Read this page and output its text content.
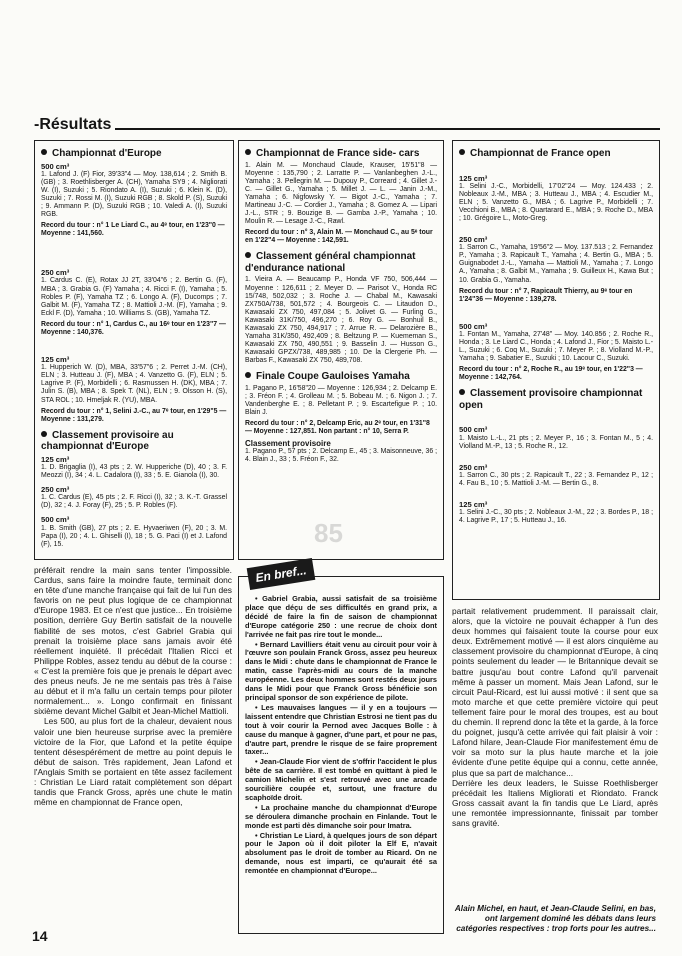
-Résultats
Championnat d'Europe
500 cm³
1. Lafond J. (F) Fior, 39'33"4 — Moy. 138,614 ; 2. Smith B. (GB) ; 3. Roethlisberger A. (CH), Yamaha SY9 ; 4. Nigliorati W. (I), Suzuki ; 5. Riondato A. (I), Suzuki ; 6. Klein K. (D), Suzuki ; 7. Rossi M. (I), Suzuki RGB ; 8. Skold P. (S), Suzuki ; 9. Ammann P. (D), Suzuki RGB ; 10. Valedi A. (I), Suzuki RGB.
Record du tour : n° 1 Le Liard C., au 4ᵉ tour, en 1'23"0 — Moyenne : 141,560.
250 cm³
1. Cardus C. (E), Rotax JJ 2T, 33'04"6 ; 2. Bertin G. (F), MBA ; 3. Grabia G. (F) Yamaha ; 4. Ricci F. (I), Yamaha ; 5. Robles P. (F), Yamaha TZ ; 6. Longo A. (F), Ducomps ; 7. Galbit M. (F), Yamaha TZ ; 8. Mattioli J.-M. (F), Yamaha ; 9. Eckl F. (D), Yamaha ; 10. Williams S. (GB), Yamaha TZ.
Record du tour : n° 1, Cardus C., au 16ᵉ tour en 1'23"7 — Moyenne : 140,376.
125 cm³
1. Hupperich W. (D), MBA, 33'57"6 ; 2. Perret J.-M. (CH), ELN ; 3. Hutteau J. (F), MBA ; 4. Vanzetto G. (F), ELN ; 5. Lagrive P. (F), Morbidelli ; 6. Rasmussen H. (DK), MBA ; 7. Julin S. (B), MBA ; 8. Spek T. (NL), ELN ; 9. Olsson H. (S), STA ROL ; 10. Hmeljak R. (YU), MBA.
Record du tour : n° 1, Selini J.-C., au 7ᵉ tour, en 1'29"5 — Moyenne : 131,279.
Classement provisoire au championnat d'Europe
125 cm³
1. D. Brigaglia (I), 43 pts ; 2. W. Hupperiche (D), 40 ; 3. F. Meozzi (I), 34 ; 4. L. Cadalora (I), 33 ; 5. E. Gianola (I), 30.
250 cm³
1. C. Cardus (E), 45 pts ; 2. F. Ricci (I), 32 ; 3. K.-T. Grassel (D), 32 ; 4. J. Foray (F), 25 ; 5. P. Robles (F).
500 cm³
1. B. Smith (GB), 27 pts ; 2. E. Hyvaeriwen (F), 20 ; 3. M. Papa (I), 20 ; 4. L. Ghiselli (I), 18 ; 5. G. Paci (I) et J. Lafond (F), 15.
Championnat de France side- cars
1. Alain M. — Monchaud Claude, Krauser, 15'51"8 — Moyenne : 135,790 ; 2. Larratte P. — Vanlanbeghen J.-L., Yamaha ; 3. Pellegrin M. — Dupouy P., Correard ; 4. Gillet J.-C. — Gillet G., Yamaha ; 5. Millet J. — L. — Janin J.-M., Yamaha ; 6. Nigfowsky Y. — Bigot J.-C., Yamaha ; 7. Martineau J.-C. — Cordier J., Yamaha ; 8. Gomez A. — Lipari J.-L., STR ; 9. Bouzige B. — Gamba J.-P., Yamaha ; 10. Moulin R. — Lesage J.-C., Rawl.
Record du tour : n° 3, Alain M. — Monchaud C., au 5ᵉ tour en 1'22"4 — Moyenne : 142,591.
Classement général championnat d'endurance national
1. Vieira A. — Beaucamp P., Honda VF 750, 506,444 — Moyenne : 126,611 ; 2. Meyer D. — Parisot V., Honda RC 15/748, 502,032 ; 3. Roche J. — Chabal M., Kawasaki ZX750A/738, 501,572 ; 4. Bourgeois C. — Litaudon D., Kawasaki ZX 750, 497,084 ; 5. Jolivet G. — Furling G., Kawasaki 31K/750, 496,270 ; 6. Roy G. — Bonhuil B., Kawasaki ZX 750, 494,917 ; 7. Arrue R. — Delarozière B., Yamaha 31K/350, 492,409 ; 8. Beltzung P. — Kuememan S., Kawasaki ZX 750, 490,551 ; 9. Basselin J. — Husson G., Kawasaki GPZX/738, 489,985 ; 10. De la Clergerie Ph. — Barbas F., Kawasaki ZX 750, 489,708.
Finale Coupe Gauloises Yamaha
1. Pagano P., 16'58"20 — Moyenne : 126,934 ; 2. Delcamp E. ; 3. Fréon F. ; 4. Grolleau M. ; 5. Bobeau M. ; 6. Nigon J. ; 7. Vandenberghe E. ; 8. Pelletant P. ; 9. Escartefigue P. ; 10. Blain J.
Record du tour : n° 2, Delcamp Eric, au 2ᵉ tour, en 1'31"8 — Moyenne : 127,851. Non partant : n° 10, Serra P.
Classement provisoire
1. Pagano P., 57 pts ; 2. Delcamp E., 45 ; 3. Maisonneuve, 36 ; 4. Blain J., 33 ; 5. Fréon F., 32.
85
Championnat de France open
125 cm³
1. Selini J.-C., Morbidelli, 17'02"24 — Moy. 124.433 ; 2. Nobleaux J.-M., MBA ; 3. Hutteau J., MBA ; 4. Escudier M., ELN ; 5. Vanzetto G., MBA ; 6. Lagrive P., Morbidelli ; 7. Vecchioni B., MBA ; 8. Quartarard E., MBA ; 9. Roche D., MBA ; 10. Grégoire L., Moto-Greg.
250 cm³
1. Sarron C., Yamaha, 19'56"2 — Moy. 137.513 ; 2. Fernandez P., Yamaha ; 3. Rapicault T., Yamaha ; 4. Bertin G., MBA ; 5. Guignabodet J.-L., Yamaha — Mattioli M., Yamaha ; 7. Longo A., Yamaha ; 8. Galbit M., Yamaha ; 9. Guilleux H., Kawa But ; 10. Grabia G., Yamaha.
Record du tour : n° 7, Rapicault Thierry, au 9ᵉ tour en 1'24"36 — Moyenne : 139,278.
500 cm³
1. Fontan M., Yamaha, 27'48" — Moy. 140.856 ; 2. Roche R., Honda ; 3. Le Liard C., Honda ; 4. Lafond J., Fior ; 5. Maisto L.-L., Suzuki ; 6. Coq M., Suzuki ; 7. Meyer P. ; 8. Violland M.-P., Yamaha ; 9. Sabatier E., Suzuki ; 10. Lacour C., Suzuki.
Record du tour : n° 2, Roche R., au 19ᵉ tour, en 1'22"3 — Moyenne : 142,764.
Classement provisoire championnat open
500 cm³
1. Maisto L.-L., 21 pts ; 2. Meyer P., 16 ; 3. Fontan M., 5 ; 4. Violland M.-P., 13 ; 5. Roche R., 12.
250 cm³
1. Sarron C., 30 pts ; 2. Rapicault T., 22 ; 3. Fernandez P., 12 ; 4. Fau B., 10 ; 5. Mattioli J.-M. — Bertin G., 8.
125 cm³
1. Selini J.-C., 30 pts ; 2. Nobleaux J.-M., 22 ; 3. Bordes P., 18 ; 4. Lagrive P., 17 ; 5. Hutteau J., 16.

préférait rendre la main sans tenter l'impossible. Cardus, sans faire la moindre faute, terminait donc en tête d'une manche française qui fait de lui l'un des favoris on ne peut plus logique de ce championnat d'Europe 1983. Et ce n'est que justice... En troisième position, derrière Guy Bertin satisfait de la nouvelle fiabilité de ses motos, c'est Gabriel Grabia qui prenait la troisième place sans jamais avoir été réellement inquiété. Il précédait l'Italien Ricci et Philippe Robles, assez tendu au début de la course : « C'est la première fois que je prenais le départ avec des pneus neufs. Je ne me sentais pas très à l'aise au début et il m'a fallu un certain temps pour piloter normalement... ». Longo confirmait en finissant sixième devant Michel Galbit et Jean-Michel Mattioli.

Les 500, au plus fort de la chaleur, devaient nous valoir une bien heureuse surprise avec la première victoire de la Fior, que Lafond et la petite équipe tentent désespérément de mettre au point depuis le début de saison. Très rapidement, Jean Lafond et l'Anglais Smith se portaient en tête assez facilement : Christian Le Liard ratait complètement son départ tandis que Franck Gross, après une chute le matin même en championnat de France open,

• Gabriel Grabia, aussi satisfait de sa troisième place que déçu de ses difficultés en grand prix, a décidé de faire la fin de saison de championnat d'Europe catégorie 250 : une recrue de choix dont l'arrivée ne fait pas rire tout le monde...

• Bernard Lavilliers était venu au circuit pour voir à l'œuvre son poulain Franck Gross, assez peu heureux dans le Midi : chute dans le championnat de France le matin, casse l'après-midi au cours de la manche européenne. Les deux hommes sont restés deux jours dans le Midi pour que Franck Gross bénéficie son principal sponsor de son expérience de pilote.

• Les mauvaises langues — il y en a toujours — laissent entendre que Christian Estrosi ne tient pas du tout à voir courir la Pernod avec Jacques Bolle : à cause du manque à gagner, d'une part, et pour ne pas, d'autre part, prendre le risque de se faire proprement taxer...

• Jean-Claude Fior vient de s'offrir l'accident le plus bête de sa carrière. Il est tombé en quittant à pied le camion Michelin et s'est retrouvé avec une arcade sourcilière coupée et, surtout, une fracture du scaphoïde droit.

• La prochaine manche du championnat d'Europe se déroulera dimanche prochain en Finlande. Tout le monde est parti dès dimanche soir pour Imatra.

• Christian Le Liard, à quelques jours de son départ pour le Japon où il doit piloter la Elf E, n'avait absolument pas le droit de tomber au Ricard. On ne demande, nous est imparti, ce qu'aurait été sa remontée en championnat d'Europe...

En bref...

partait relativement prudemment. Il paraissait clair, alors, que la victoire ne pouvait échapper à l'un des deux hommes qui faisaient toute la course pour eux deux. Extrêmement motivé — il est alors cinquième au classement provisoire du championnat d'Europe, à cinq points seulement du leader — le Britannique devait se battre jusqu'au bout contre Lafond qu'il parvenait même à passer un moment. Mais Jean Lafond, sur le circuit Paul-Ricard, est lui aussi motivé : il sent que sa moto marche et que cette première victoire qui peut tellement faire pour le moral des troupes, est au bout du chemin. Il reprend donc la tête et la garde, à la force du poignet, jusqu'à cette arrivée qui fait plaisir à voir : Lafond hilare, Jean-Claude Fior manifestement ému de voir sa moto sur la plus haute marche et la joie évidente d'une petite équipe qui a connu, cette année, plus que sa part de malchance...

Derrière les deux leaders, le Suisse Roethlisberger précédait les Italiens Migliorati et Riondato. Franck Gross cassait avant la fin tandis que Le Liard, après une remontée impressionnante, finissait par tomber sans gravité.

Alain Michel, en haut, et Jean-Claude Selini, en bas, ont largement dominé les débats dans leurs catégories respectives : trop forts pour les autres...
14
